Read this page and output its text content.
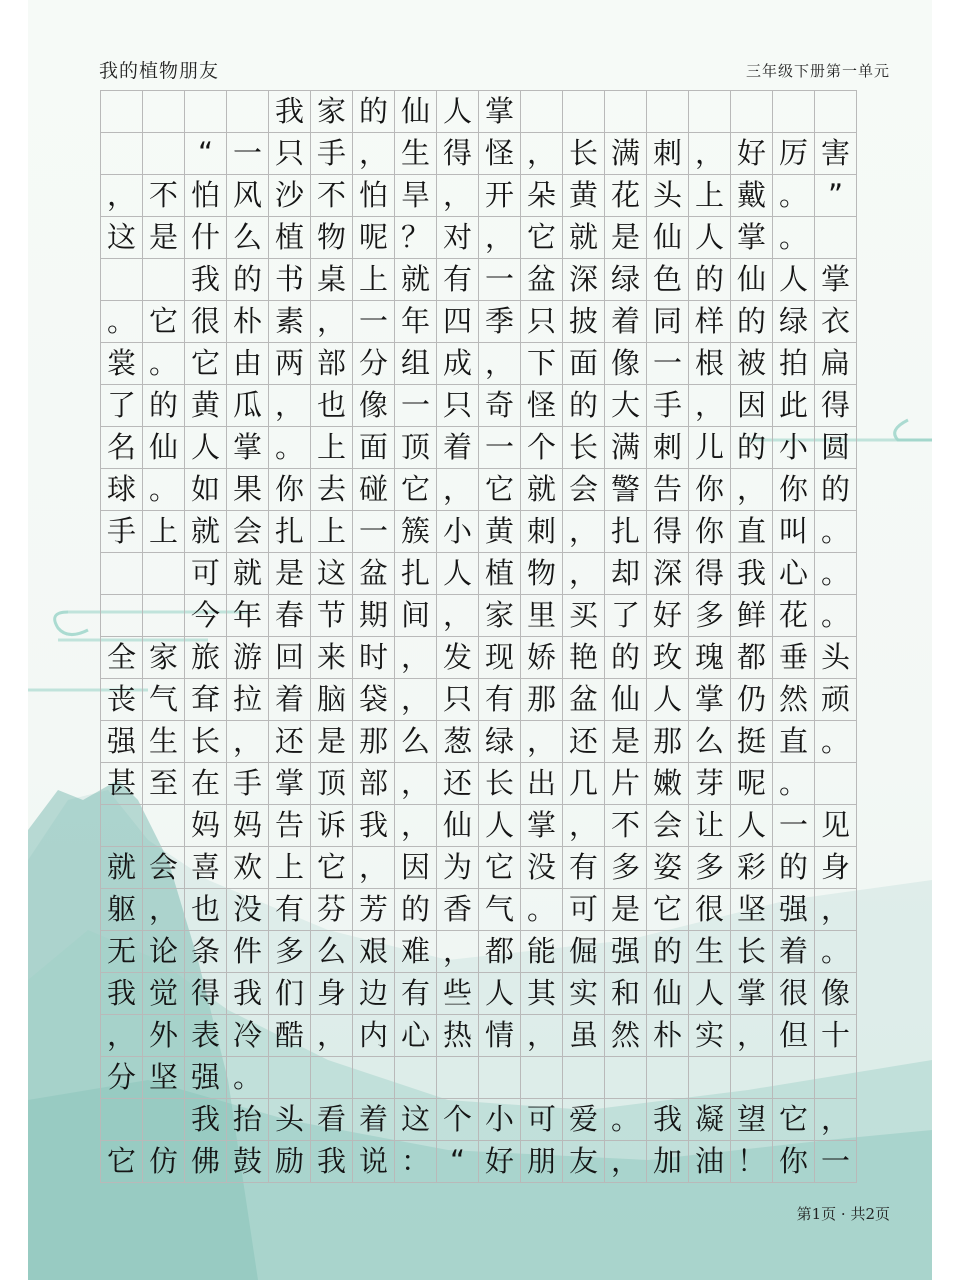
我的植物朋友	三年级下册第一单元
我 家 的 仙 人 掌
“ 一 只 手 ， 生 得 怪 ， 长 满 刺 ， 好 厉 害
， 不 怕 风 沙 不 怕 旱 ， 开 朵 黄 花 头 上 戴 。 ”
这 是 什 么 植 物 呢 ？ 对 ， 它 就 是 仙 人 掌 。
我 的 书 桌 上 就 有 一 盆 深 绿 色 的 仙 人 掌
。 它 很 朴 素 ， 一 年 四 季 只 披 着 同 样 的 绿 衣
裳 。 它 由 两 部 分 组 成 ， 下 面 像 一 根 被 拍 扁
了 的 黄 瓜 ， 也 像 一 只 奇 怪 的 大 手 ， 因 此 得
名 仙 人 掌 。 上 面 顶 着 一 个 长 满 刺 儿 的 小 圆
球 。 如 果 你 去 碰 它 ， 它 就 会 警 告 你 ， 你 的
手 上 就 会 扎 上 一 簇 小 黄 刺 ， 扎 得 你 直 叫 。
可 就 是 这 盆 扎 人 植 物 ， 却 深 得 我 心 。
今 年 春 节 期 间 ， 家 里 买 了 好 多 鲜 花 。
全 家 旅 游 回 来 时 ， 发 现 娇 艳 的 玫 瑰 都 垂 头
丧 气 耷 拉 着 脑 袋 ， 只 有 那 盆 仙 人 掌 仍 然 顽
强 生 长 ， 还 是 那 么 葱 绿 ， 还 是 那 么 挺 直 。
甚 至 在 手 掌 顶 部 ， 还 长 出 几 片 嫩 芽 呢 。
妈 妈 告 诉 我 ， 仙 人 掌 ， 不 会 让 人 一 见
就 会 喜 欢 上 它 ， 因 为 它 没 有 多 姿 多 彩 的 身
躯 ， 也 没 有 芬 芳 的 香 气 。 可 是 它 很 坚 强 ，
无 论 条 件 多 么 艰 难 ， 都 能 倔 强 的 生 长 着 。
我 觉 得 我 们 身 边 有 些 人 其 实 和 仙 人 掌 很 像
， 外 表 冷 酷 ， 内 心 热 情 ， 虽 然 朴 实 ， 但 十
分 坚 强 。
我 抬 头 看 着 这 个 小 可 爱 。 我 凝 望 它 ，
它 仿 佛 鼓 励 我 说 ： “ 好 朋 友 ， 加 油 ！ 你 一
第1页 · 共2页
